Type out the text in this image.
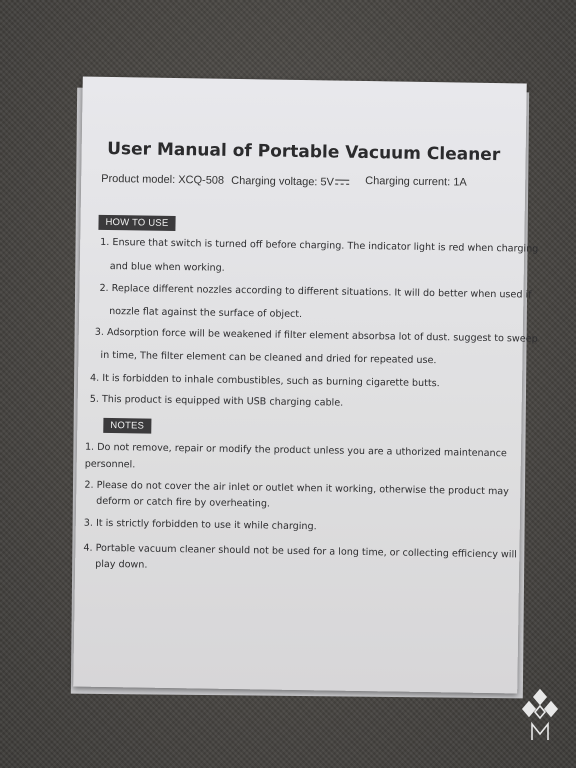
User Manual of Portable Vacuum Cleaner
Product model: XCQ-508 Charging voltage: 5V	Charging current: 1A
HOW TO USE
1. Ensure that switch is turned off before charging. The indicator light is red when charging
and blue when working.
2. Replace different nozzles according to different situations. It will do better when used if
nozzle flat against the surface of object.
3. Adsorption force will be weakened if filter element absorbsa lot of dust. suggest to sweep
in time, The filter element can be cleaned and dried for repeated use.
4. It is forbidden to inhale combustibles, such as burning cigarette butts.
5. This product is equipped with USB charging cable.
NOTES
1. Do not remove, repair or modify the product unless you are a uthorized maintenance
personnel.
2. Please do not cover the air inlet or outlet when it working, otherwise the product may
deform or catch fire by overheating.
3. It is strictly forbidden to use it while charging.
4. Portable vacuum cleaner should not be used for a long time, or collecting efficiency will
play down.
